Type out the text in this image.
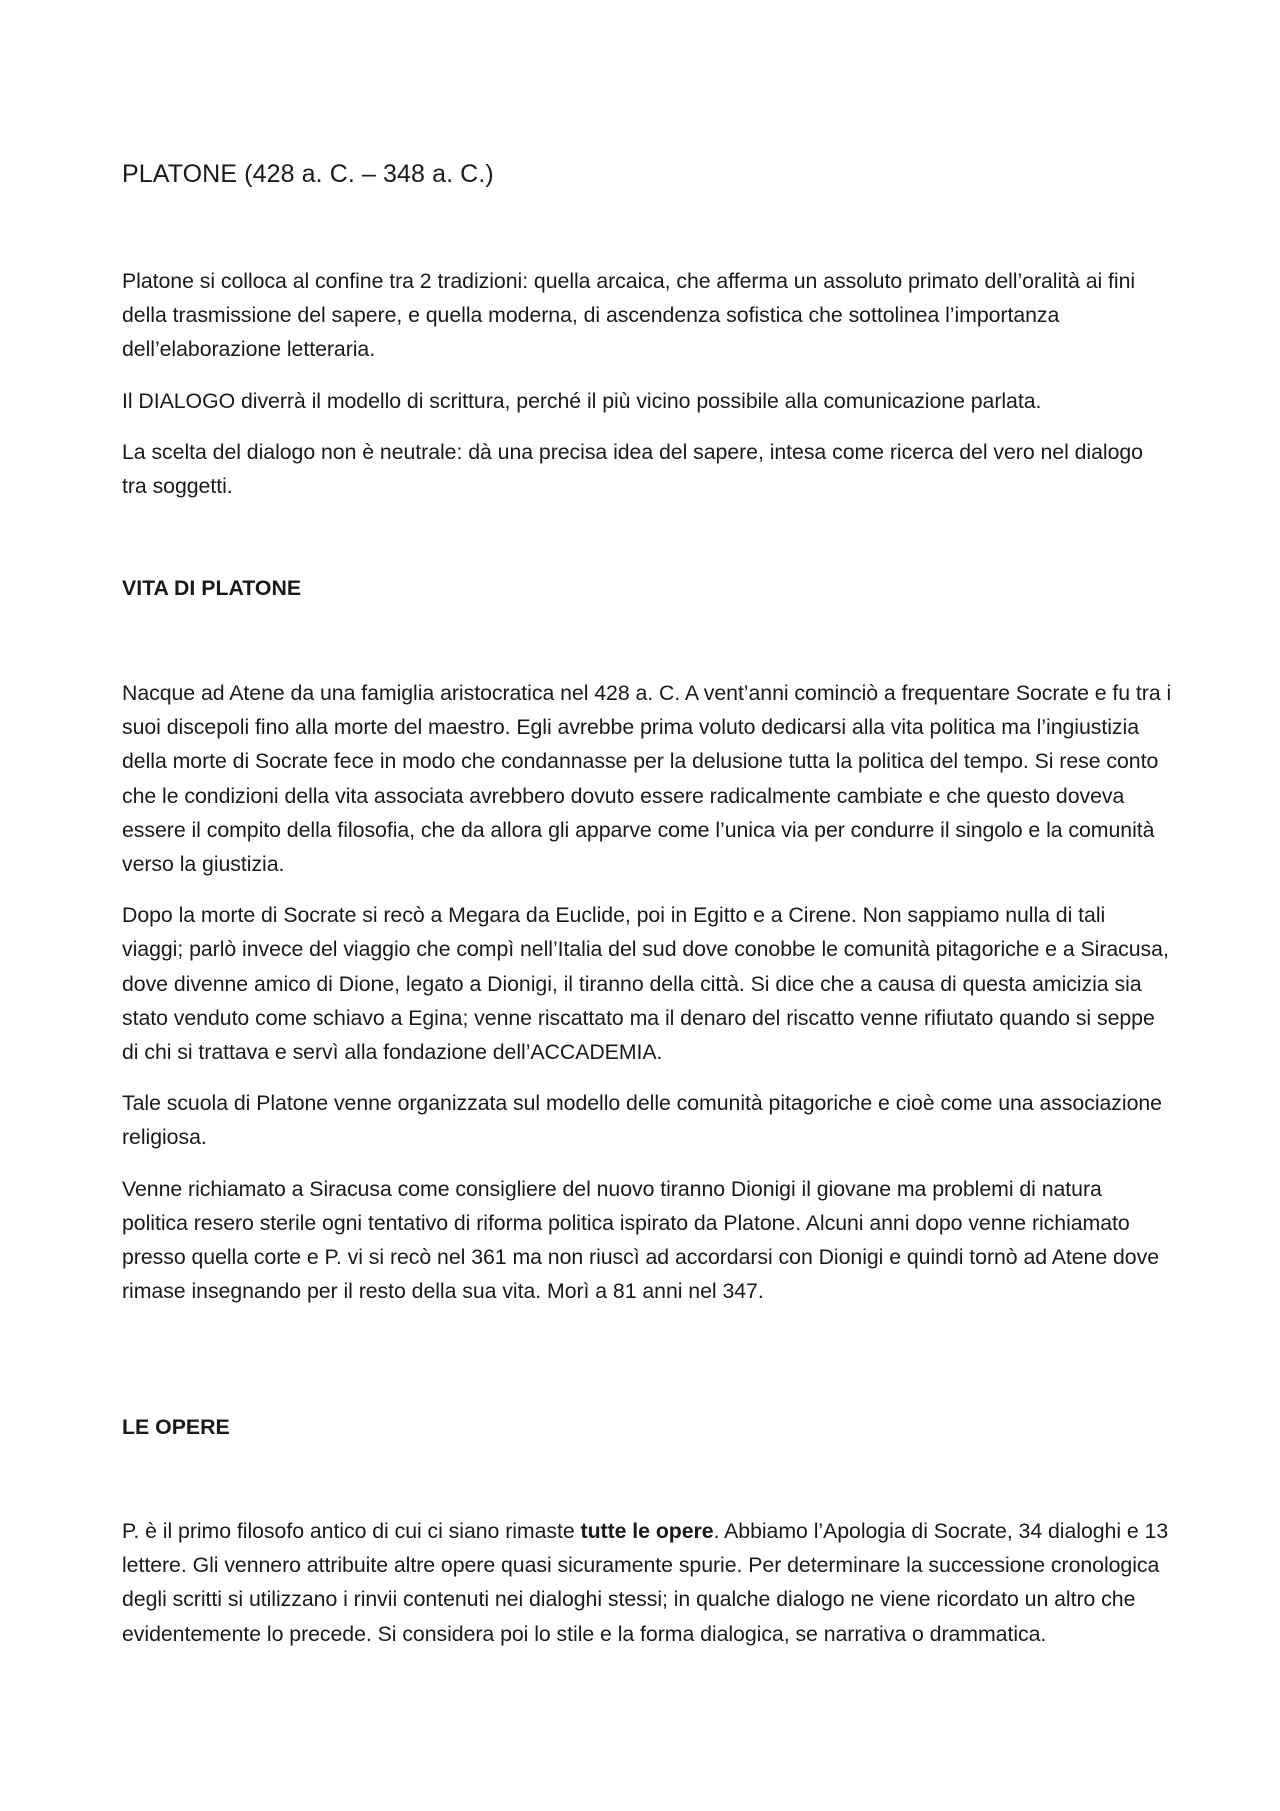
PLATONE (428 a. C. – 348 a. C.)

Platone si colloca al confine tra 2 tradizioni: quella arcaica, che afferma un assoluto primato dell’oralità ai fini della trasmissione del sapere, e quella moderna, di ascendenza sofistica che sottolinea l’importanza dell’elaborazione letteraria.

Il DIALOGO diverrà il modello di scrittura, perché il più vicino possibile alla comunicazione parlata.

La scelta del dialogo non è neutrale: dà una precisa idea del sapere, intesa come ricerca del vero nel dialogo tra soggetti.

VITA DI PLATONE

Nacque ad Atene da una famiglia aristocratica nel 428 a. C. A vent’anni cominciò a frequentare Socrate e fu tra i suoi discepoli fino alla morte del maestro. Egli avrebbe prima voluto dedicarsi alla vita politica ma l’ingiustizia della morte di Socrate fece in modo che condannasse per la delusione tutta la politica del tempo. Si rese conto che le condizioni della vita associata avrebbero dovuto essere radicalmente cambiate e che questo doveva essere il compito della filosofia, che da allora gli apparve come l’unica via per condurre il singolo e la comunità verso la giustizia.

Dopo la morte di Socrate si recò a Megara da Euclide, poi in Egitto e a Cirene. Non sappiamo nulla di tali viaggi; parlò invece del viaggio che compì nell’Italia del sud dove conobbe le comunità pitagoriche e a Siracusa, dove divenne amico di Dione, legato a Dionigi, il tiranno della città. Si dice che a causa di questa amicizia sia stato venduto come schiavo a Egina; venne riscattato ma il denaro del riscatto venne rifiutato quando si seppe di chi si trattava e servì alla fondazione dell’ACCADEMIA.

Tale scuola di Platone venne organizzata sul modello delle comunità pitagoriche e cioè come una associazione religiosa.

Venne richiamato a Siracusa come consigliere del nuovo tiranno Dionigi il giovane ma problemi di natura politica resero sterile ogni tentativo di riforma politica ispirato da Platone. Alcuni anni dopo venne richiamato presso quella corte e P. vi si recò nel 361 ma non riuscì ad accordarsi con Dionigi e quindi tornò ad Atene dove rimase insegnando per il resto della sua vita. Morì a 81 anni nel 347.

LE OPERE

P. è il primo filosofo antico di cui ci siano rimaste tutte le opere. Abbiamo l’Apologia di Socrate, 34 dialoghi e 13 lettere. Gli vennero attribuite altre opere quasi sicuramente spurie. Per determinare la successione cronologica degli scritti si utilizzano i rinvii contenuti nei dialoghi stessi; in qualche dialogo ne viene ricordato un altro che evidentemente lo precede. Si considera poi lo stile e la forma dialogica, se narrativa o drammatica.
